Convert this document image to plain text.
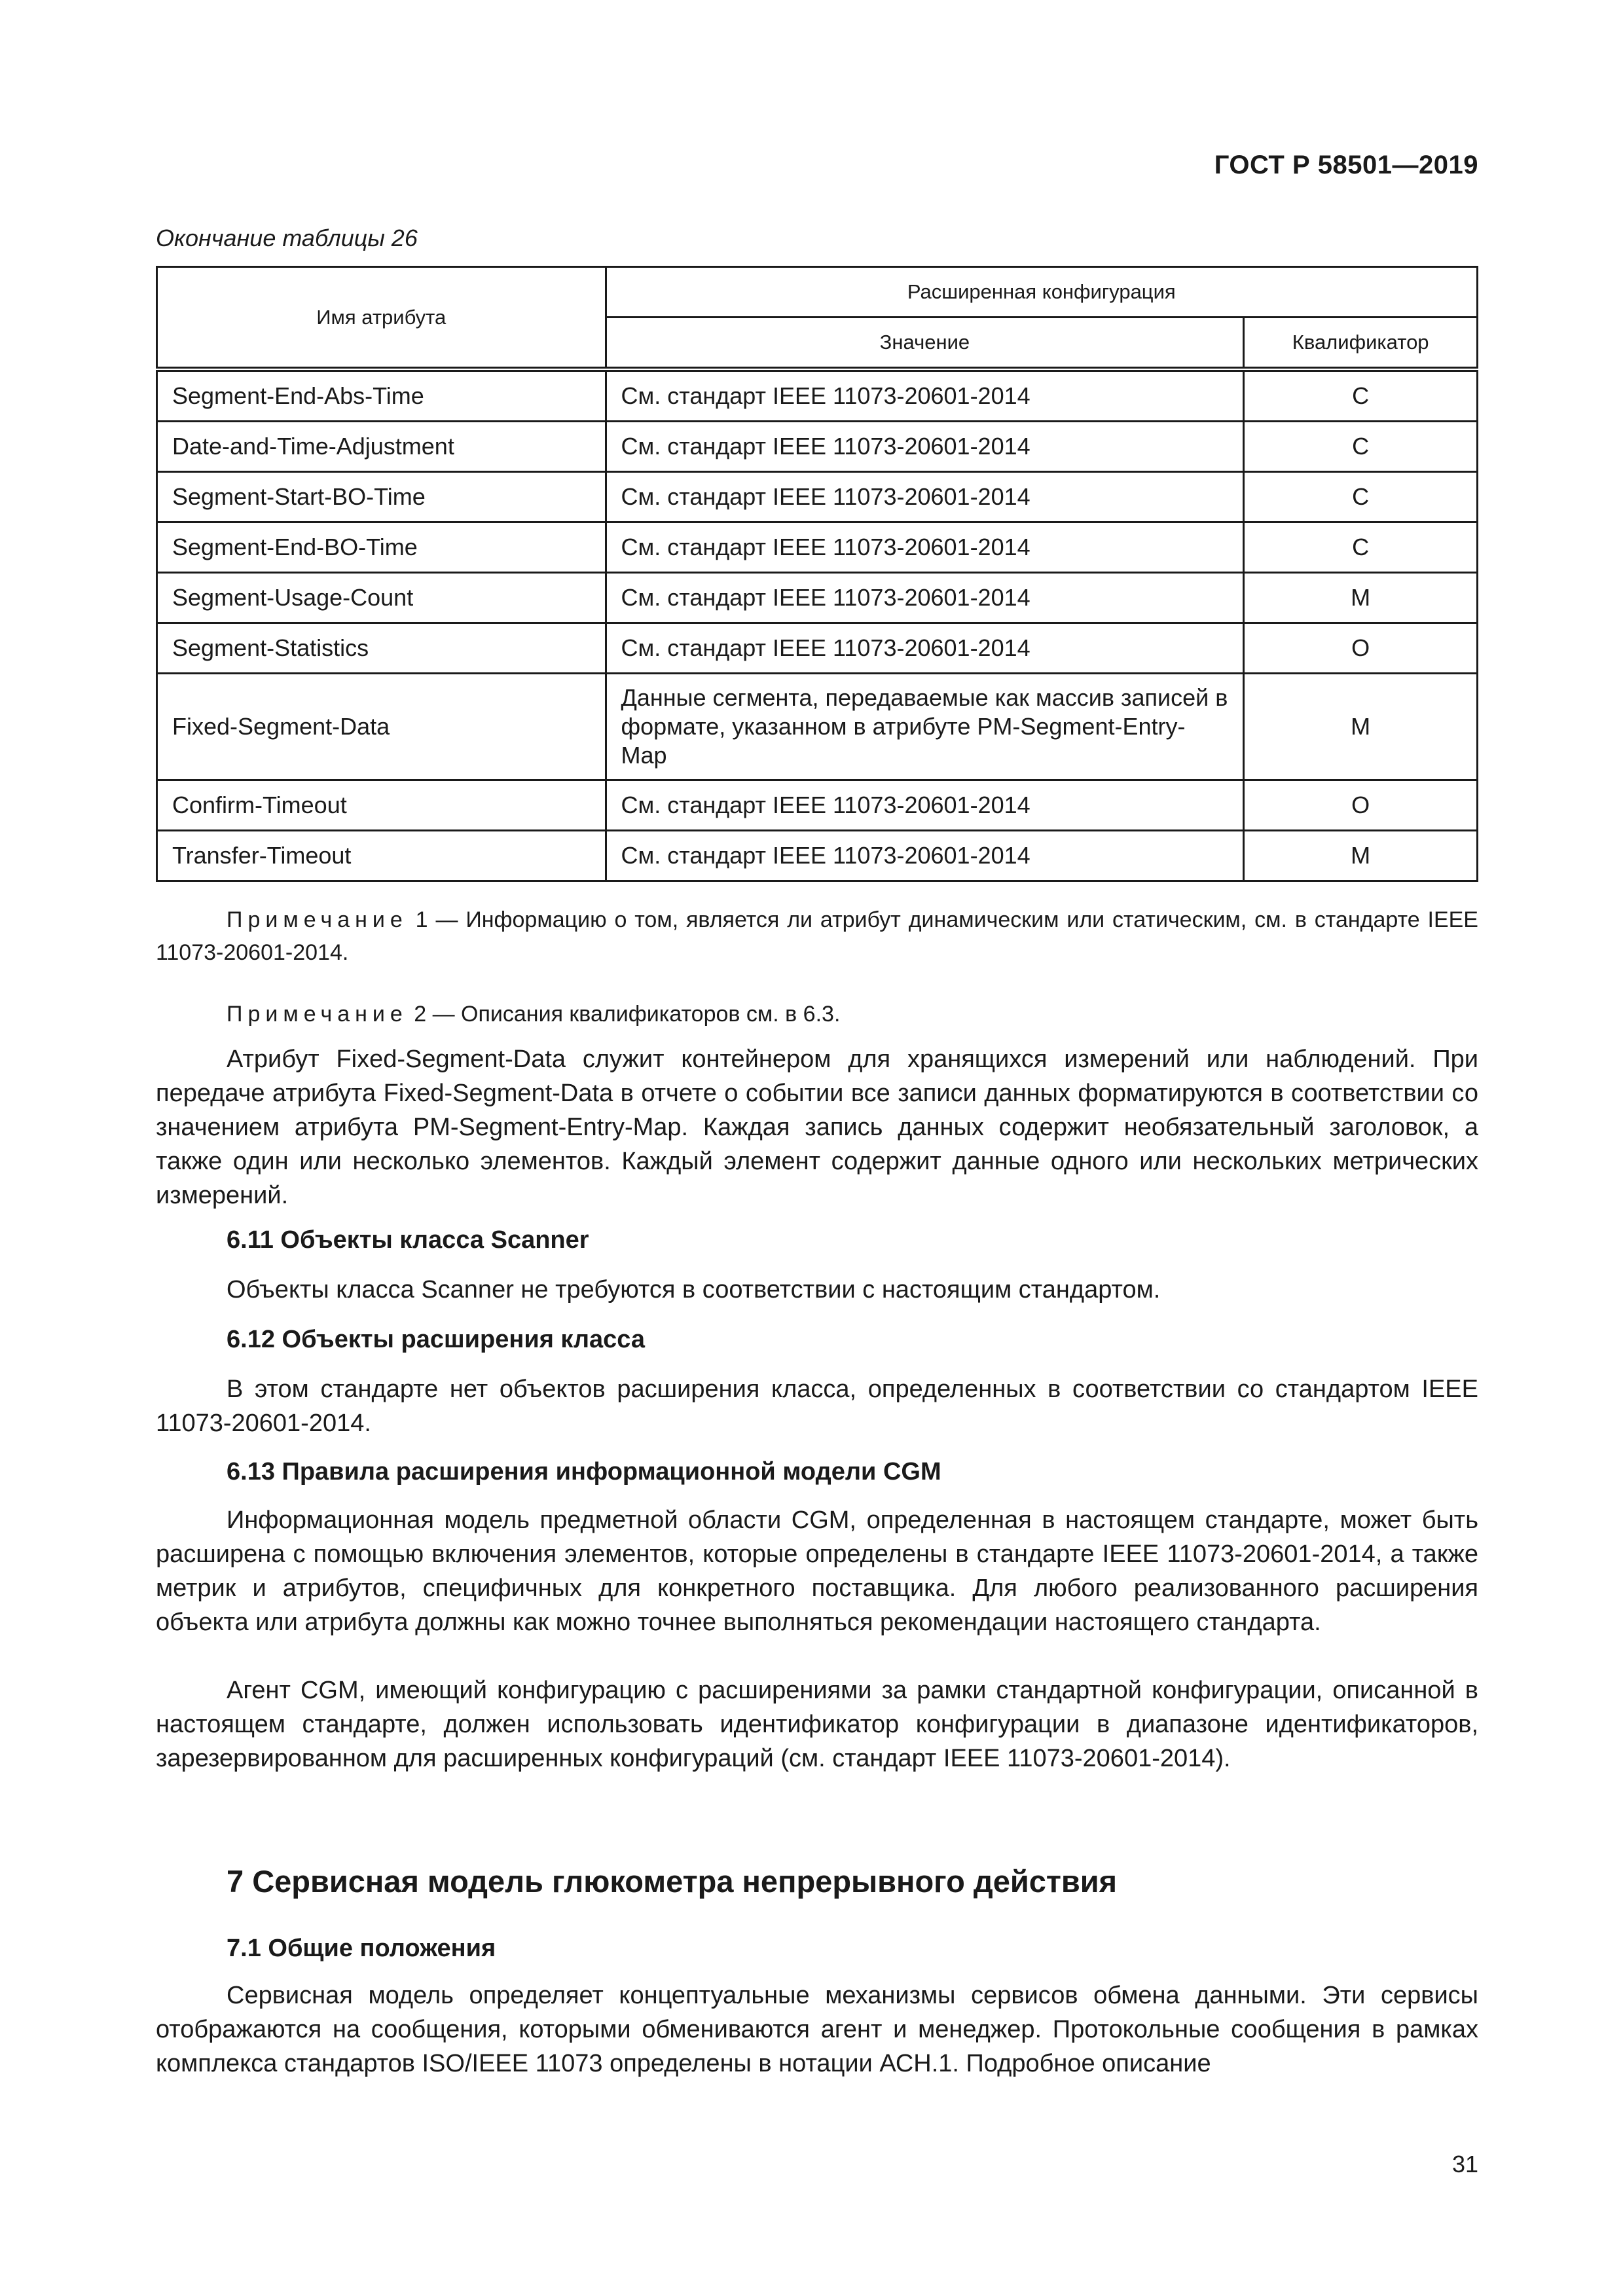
ГОСТ Р 58501—2019
Окончание таблицы 26
Имя атрибута	Расширенная конфигурация	
	Значение	Квалификатор
Segment-End-Abs-Time	См. стандарт IEEE 11073-20601-2014	C
Date-and-Time-Adjustment	См. стандарт IEEE 11073-20601-2014	C
Segment-Start-BO-Time	См. стандарт IEEE 11073-20601-2014	C
Segment-End-BO-Time	См. стандарт IEEE 11073-20601-2014	C
Segment-Usage-Count	См. стандарт IEEE 11073-20601-2014	M
Segment-Statistics	См. стандарт IEEE 11073-20601-2014	O
Fixed-Segment-Data	Данные сегмента, передаваемые как массив записей в формате, указанном в атрибуте PM-Segment-Entry-Map	M
Confirm-Timeout	См. стандарт IEEE 11073-20601-2014	O
Transfer-Timeout	См. стандарт IEEE 11073-20601-2014	M
Примечание 1 — Информацию о том, является ли атрибут динамическим или статическим, см. в стандарте IEEE 11073-20601-2014.
Примечание 2 — Описания квалификаторов см. в 6.3.
Атрибут Fixed-Segment-Data служит контейнером для хранящихся измерений или наблюдений. При передаче атрибута Fixed-Segment-Data в отчете о событии все записи данных форматируются в соответствии со значением атрибута PM-Segment-Entry-Map. Каждая запись данных содержит необязательный заголовок, а также один или несколько элементов. Каждый элемент содержит данные одного или нескольких метрических измерений.
6.11 Объекты класса Scanner
Объекты класса Scanner не требуются в соответствии с настоящим стандартом.
6.12 Объекты расширения класса
В этом стандарте нет объектов расширения класса, определенных в соответствии со стандартом IEEE 11073-20601-2014.
6.13 Правила расширения информационной модели CGM
Информационная модель предметной области CGM, определенная в настоящем стандарте, может быть расширена с помощью включения элементов, которые определены в стандарте IEEE 11073-20601-2014, а также метрик и атрибутов, специфичных для конкретного поставщика. Для любого реализованного расширения объекта или атрибута должны как можно точнее выполняться рекомендации настоящего стандарта.
Агент CGM, имеющий конфигурацию с расширениями за рамки стандартной конфигурации, описанной в настоящем стандарте, должен использовать идентификатор конфигурации в диапазоне идентификаторов, зарезервированном для расширенных конфигураций (см. стандарт IEEE 11073-20601-2014).
7 Сервисная модель глюкометра непрерывного действия
7.1 Общие положения
Сервисная модель определяет концептуальные механизмы сервисов обмена данными. Эти сервисы отображаются на сообщения, которыми обмениваются агент и менеджер. Протокольные сообщения в рамках комплекса стандартов ISO/IEEE 11073 определены в нотации АСН.1. Подробное описание
31
